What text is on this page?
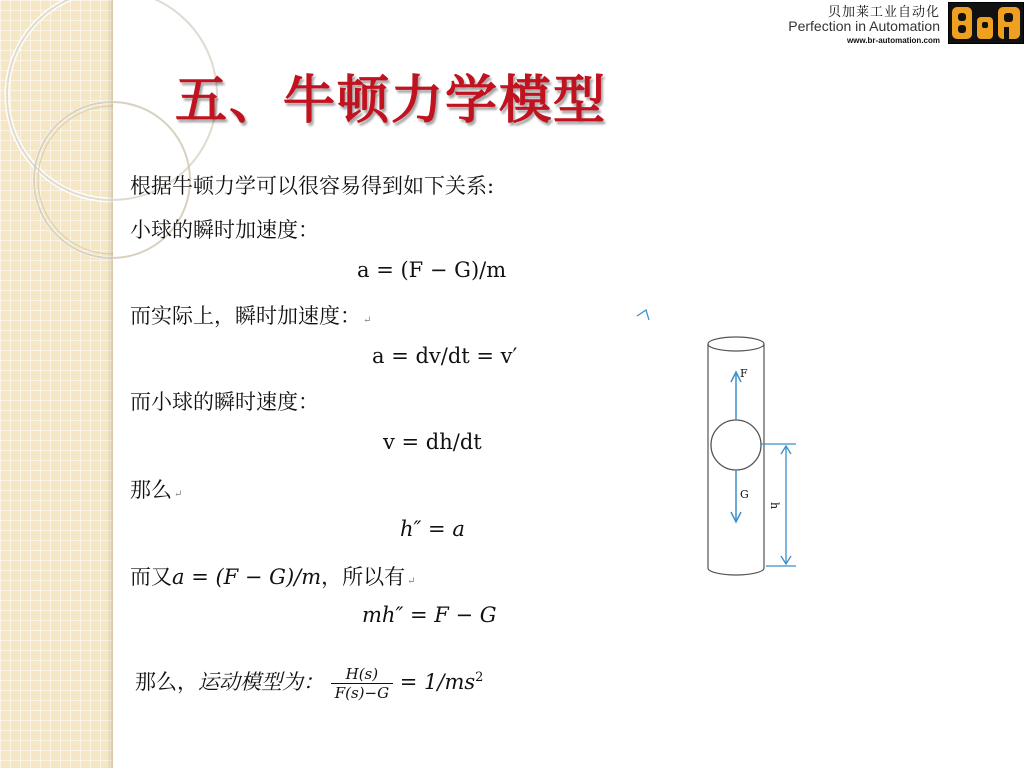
贝加莱工业自动化
Perfection in Automation
www.br-automation.com
五、牛顿力学模型
根据牛顿力学可以很容易得到如下关系:
小球的瞬时加速度：
a = (F − G)/m
而实际上，瞬时加速度： ↵
a = dv/dt = v′
而小球的瞬时速度：
v = dh/dt
那么 ↵
h″ = a
而又a = (F − G)/m，所以有 ↵
mh″ = F − G
那么，运动模型为： $\frac{H(s)}{F(s)-G} = 1/ms^2$
F
G
h
